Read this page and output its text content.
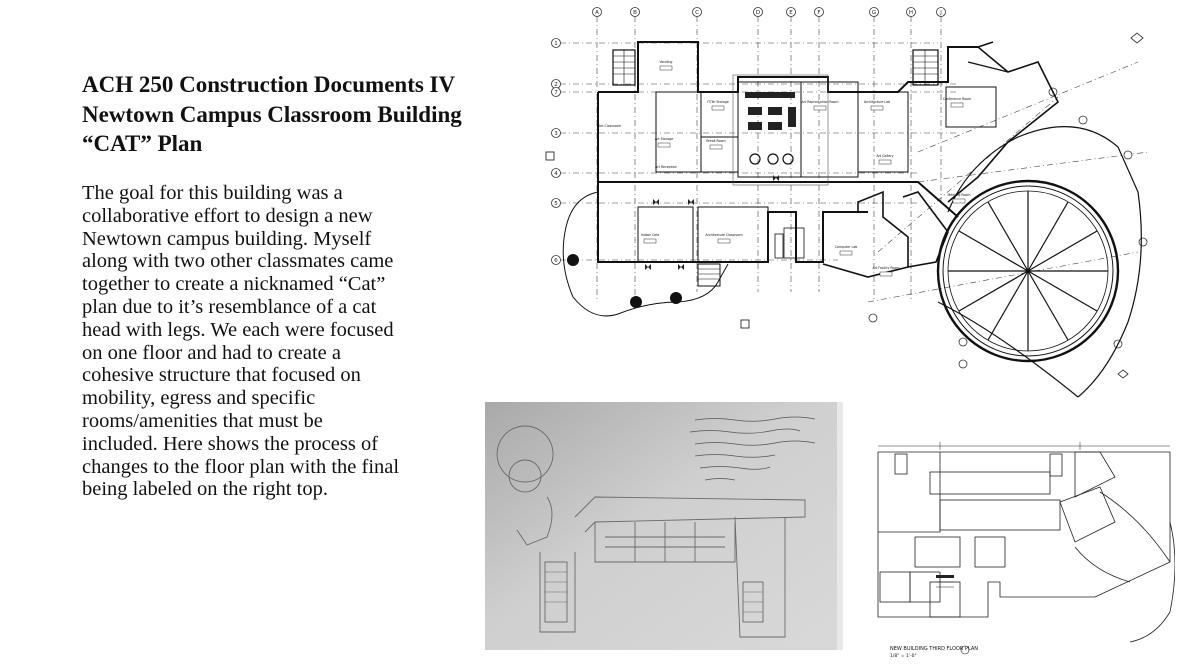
ACH 250 Construction Documents IV
Newtown Campus Classroom Building
“CAT” Plan

The goal for this building was a
collaborative effort to design a new
Newtown campus building. Myself
along with two other classmates came
together to create a nicknamed “Cat”
plan due to it’s resemblance of a cat
head with legs. We each were focused
on one floor and had to create a
cohesive structure that focused on
mobility, egress and specific
rooms/amenities that must be
included. Here shows the process of
changes to the floor plan with the final
being labeled on the right top.

A	B	C	D	E	F	G	H	J
1
2
3
4
5
6
7
Vending
IT/Tel Storage	Art Reproduction Room	Architecture Lab
Conference Room
Art Storage	Break Room
Art Reception
Indoor Cafe	Architecture Classroom
Computer Lab
Art Gallery
Meeting Room
Art Classroom
Art Facility Room
NEW BUILDING THIRD FLOOR PLAN
1/8" = 1'-0"
